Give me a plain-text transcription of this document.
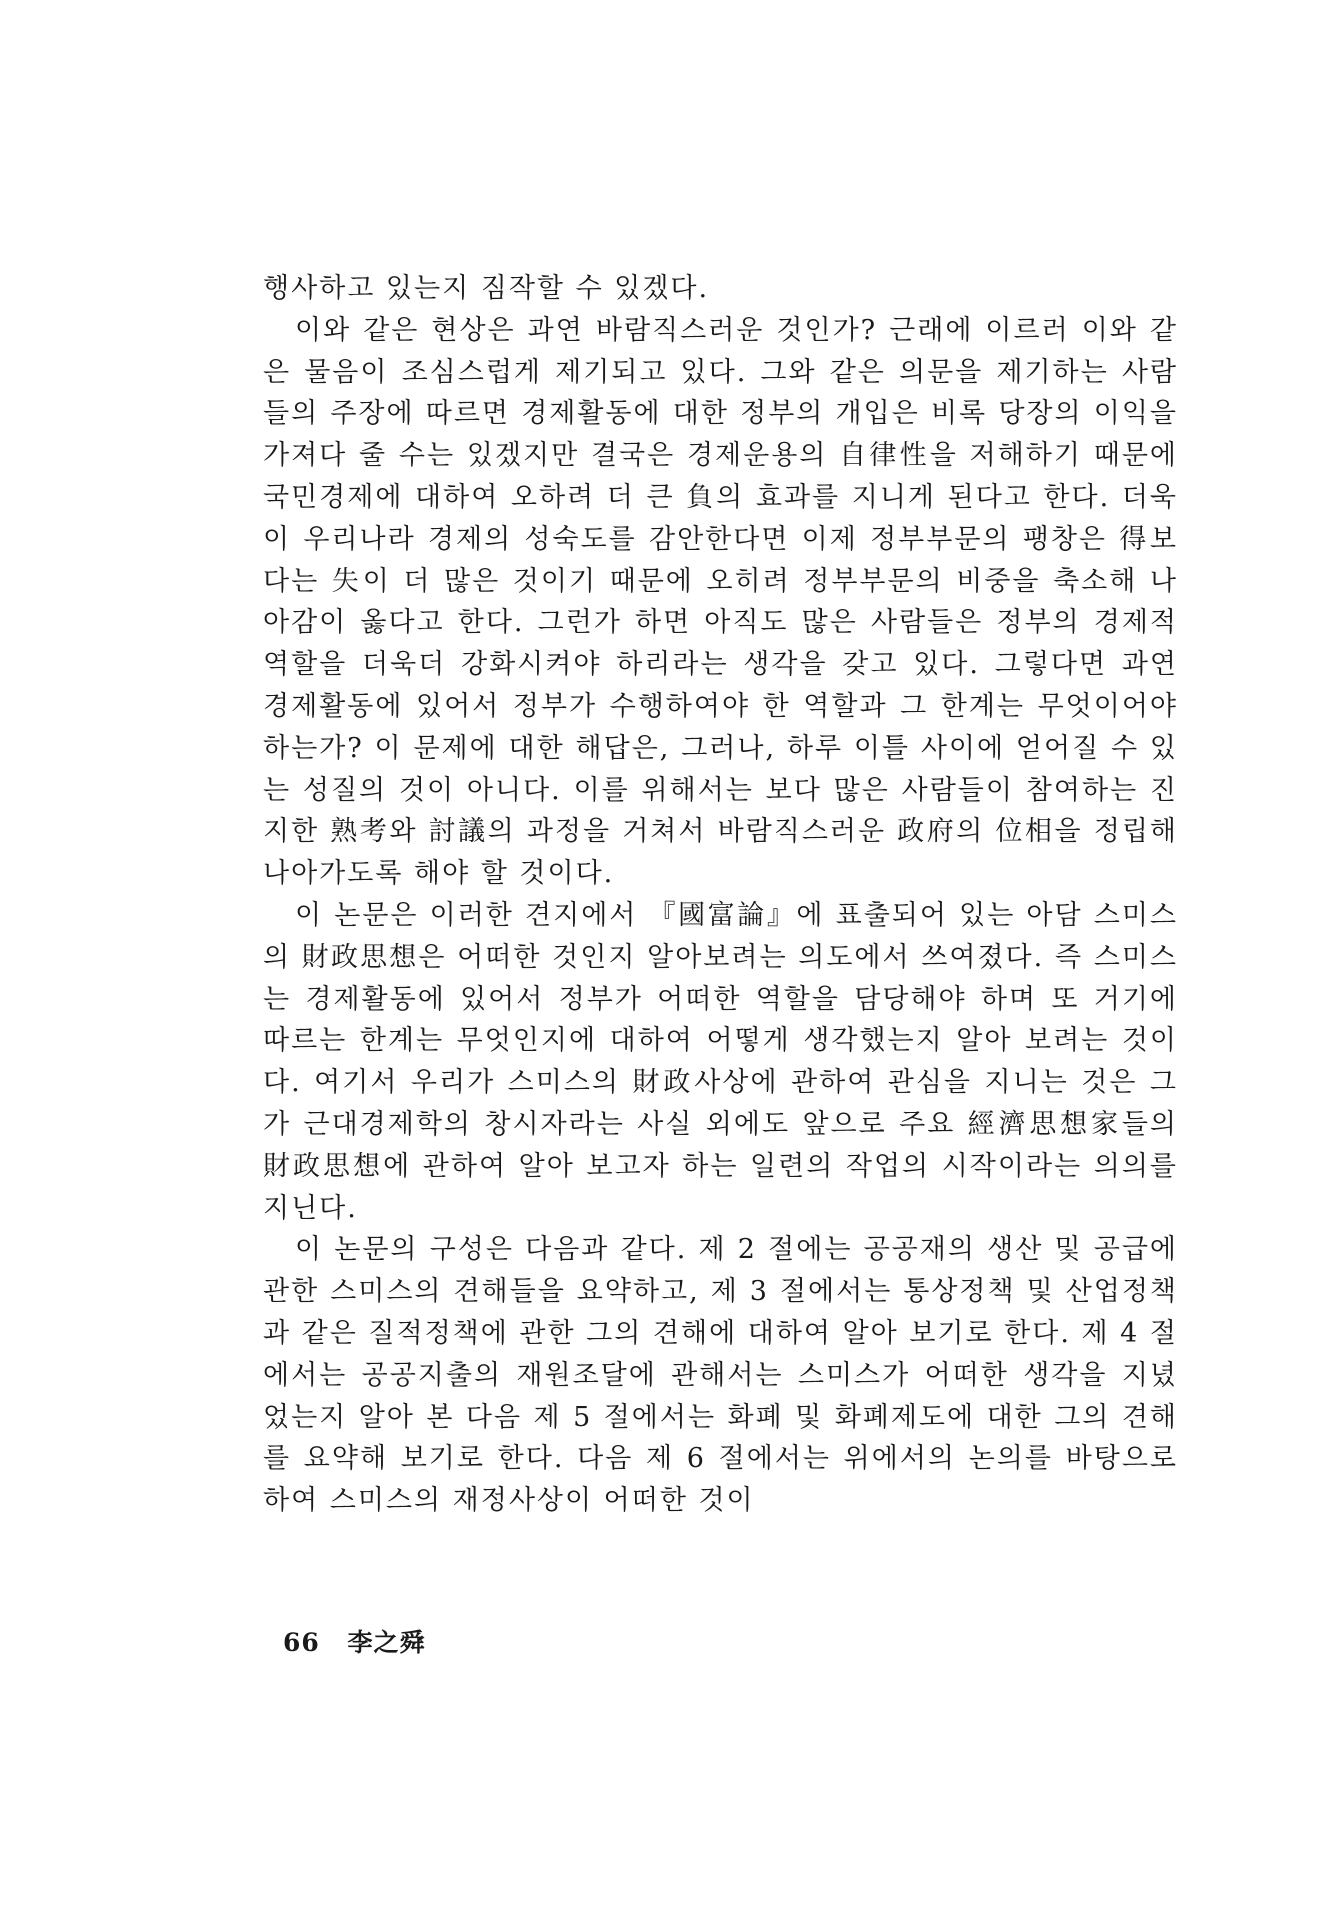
행사하고 있는지 짐작할 수 있겠다.

이와 같은 현상은 과연 바람직스러운 것인가? 근래에 이르러 이와 같은 물음이 조심스럽게 제기되고 있다. 그와 같은 의문을 제기하는 사람들의 주장에 따르면 경제활동에 대한 정부의 개입은 비록 당장의 이익을 가져다 줄 수는 있겠지만 결국은 경제운용의 自律性을 저해하기 때문에 국민경제에 대하여 오하려 더 큰 負의 효과를 지니게 된다고 한다. 더욱이 우리나라 경제의 성숙도를 감안한다면 이제 정부부문의 팽창은 得보다는 失이 더 많은 것이기 때문에 오히려 정부부문의 비중을 축소해 나아감이 옳다고 한다. 그런가 하면 아직도 많은 사람들은 정부의 경제적 역할을 더욱더 강화시켜야 하리라는 생각을 갖고 있다. 그렇다면 과연 경제활동에 있어서 정부가 수행하여야 한 역할과 그 한계는 무엇이어야 하는가? 이 문제에 대한 해답은, 그러나, 하루 이틀 사이에 얻어질 수 있는 성질의 것이 아니다. 이를 위해서는 보다 많은 사람들이 참여하는 진지한 熟考와 討議의 과정을 거쳐서 바람직스러운 政府의 位相을 정립해 나아가도록 해야 할 것이다.

이 논문은 이러한 견지에서 『國富論』에 표출되어 있는 아담 스미스의 財政思想은 어떠한 것인지 알아보려는 의도에서 쓰여졌다. 즉 스미스는 경제활동에 있어서 정부가 어떠한 역할을 담당해야 하며 또 거기에 따르는 한계는 무엇인지에 대하여 어떻게 생각했는지 알아 보려는 것이다. 여기서 우리가 스미스의 財政사상에 관하여 관심을 지니는 것은 그가 근대경제학의 창시자라는 사실 외에도 앞으로 주요 經濟思想家들의 財政思想에 관하여 알아 보고자 하는 일련의 작업의 시작이라는 의의를 지닌다.

이 논문의 구성은 다음과 같다. 제 2 절에는 공공재의 생산 및 공급에 관한 스미스의 견해들을 요약하고, 제 3 절에서는 통상정책 및 산업정책과 같은 질적정책에 관한 그의 견해에 대하여 알아 보기로 한다. 제 4 절에서는 공공지출의 재원조달에 관해서는 스미스가 어떠한 생각을 지녔었는지 알아 본 다음 제 5 절에서는 화폐 및 화폐제도에 대한 그의 견해를 요약해 보기로 한다. 다음 제 6 절에서는 위에서의 논의를 바탕으로 하여 스미스의 재정사상이 어떠한 것이

66 李之舜
